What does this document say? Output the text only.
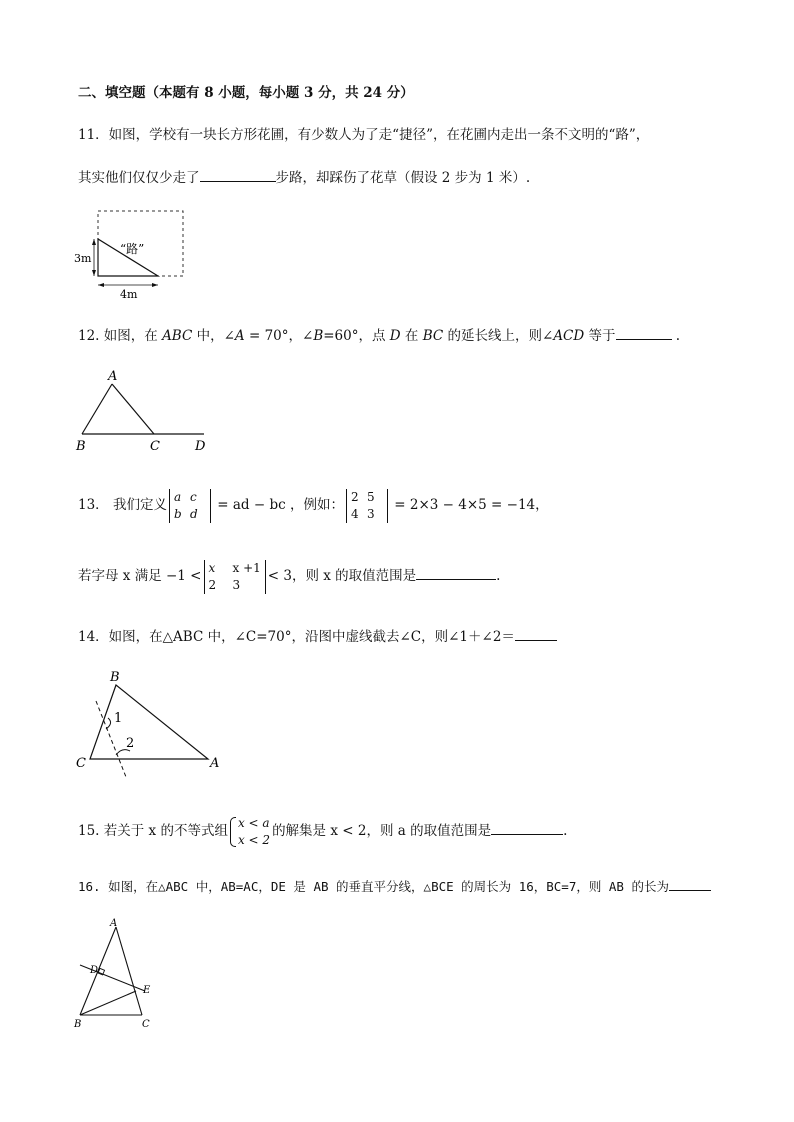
二、填空题（本题有 8 小题，每小题 3 分，共 24 分）
11．如图，学校有一块长方形花圃，有少数人为了走“捷径”，在花圃内走出一条不文明的“路”，
其实他们仅仅少走了	步路，却踩伤了花草（假设 2 步为 1 米）.
“路”
3m
4m
12. 如图，在 ABC 中，∠A = 70°，∠B=60°，点 D 在 BC 的延长线上，则∠ACD 等于	.
A
B	C	D
13． 我们定义
a c
b d
= ad − bc ，例如：
2 5
4 3
= 2×3 − 4×5 = −14，
若字母 x 满足 −1 <
x x +1
2 3
< 3，则 x 的取值范围是	.
14．如图，在△ABC 中，∠C=70°，沿图中虚线截去∠C，则∠1＋∠2＝
B
C	A
1
2
15. 若关于 x 的不等式组
x < a
x < 2
的解集是 x < 2，则 a 的取值范围是	.
16. 如图，在△ABC 中，AB=AC，DE 是 AB 的垂直平分线，△BCE 的周长为 16，BC=7，则 AB 的长为
A
D
E
B	C
